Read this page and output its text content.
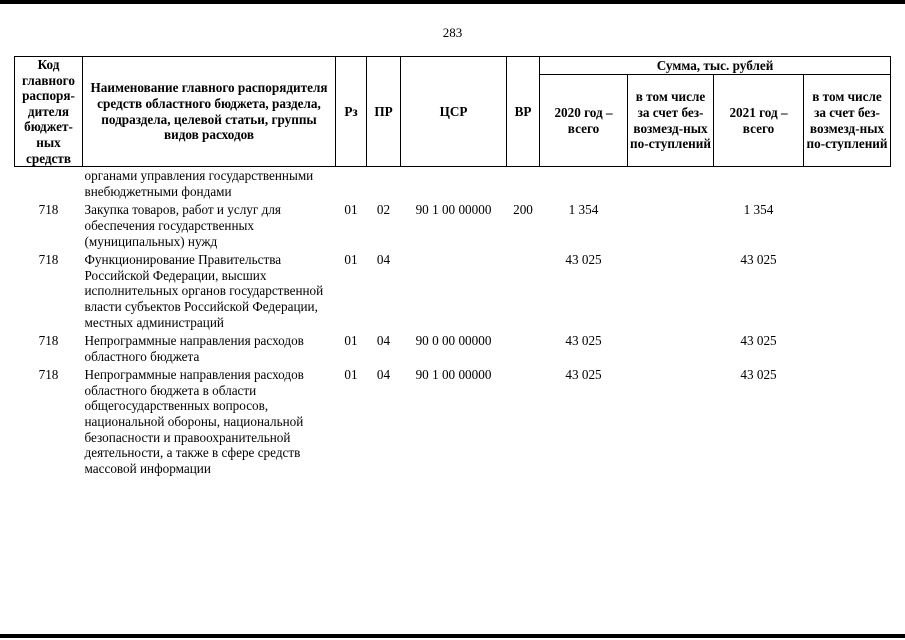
283
Код главного распоря-дителя бюджет-ных средств	Наименование главного распорядителя средств областного бюджета, раздела, подраздела, целевой статьи, группы видов расходов	Рз	ПР	ЦСР	ВР	Сумма, тыс. рублей			
						2020 год – всего	в том числе за счет без-возмезд-ных по-ступлений	2021 год – всего	в том числе за счет без-возмезд-ных по-ступлений
	органами управления государственными внебюджетными фондами								
718	Закупка товаров, работ и услуг для обеспечения государственных (муниципальных) нужд	01	02	90 1 00 00000	200	1 354		1 354	
718	Функционирование Правительства Российской Федерации, высших исполнительных органов государственной власти субъектов Российской Федерации, местных администраций	01	04			43 025		43 025	
718	Непрограммные направления расходов областного бюджета	01	04	90 0 00 00000		43 025		43 025	
718	Непрограммные направления расходов областного бюджета в области общегосударственных вопросов, национальной обороны, национальной безопасности и правоохранительной деятельности, а также в сфере средств массовой информации	01	04	90 1 00 00000		43 025		43 025	
